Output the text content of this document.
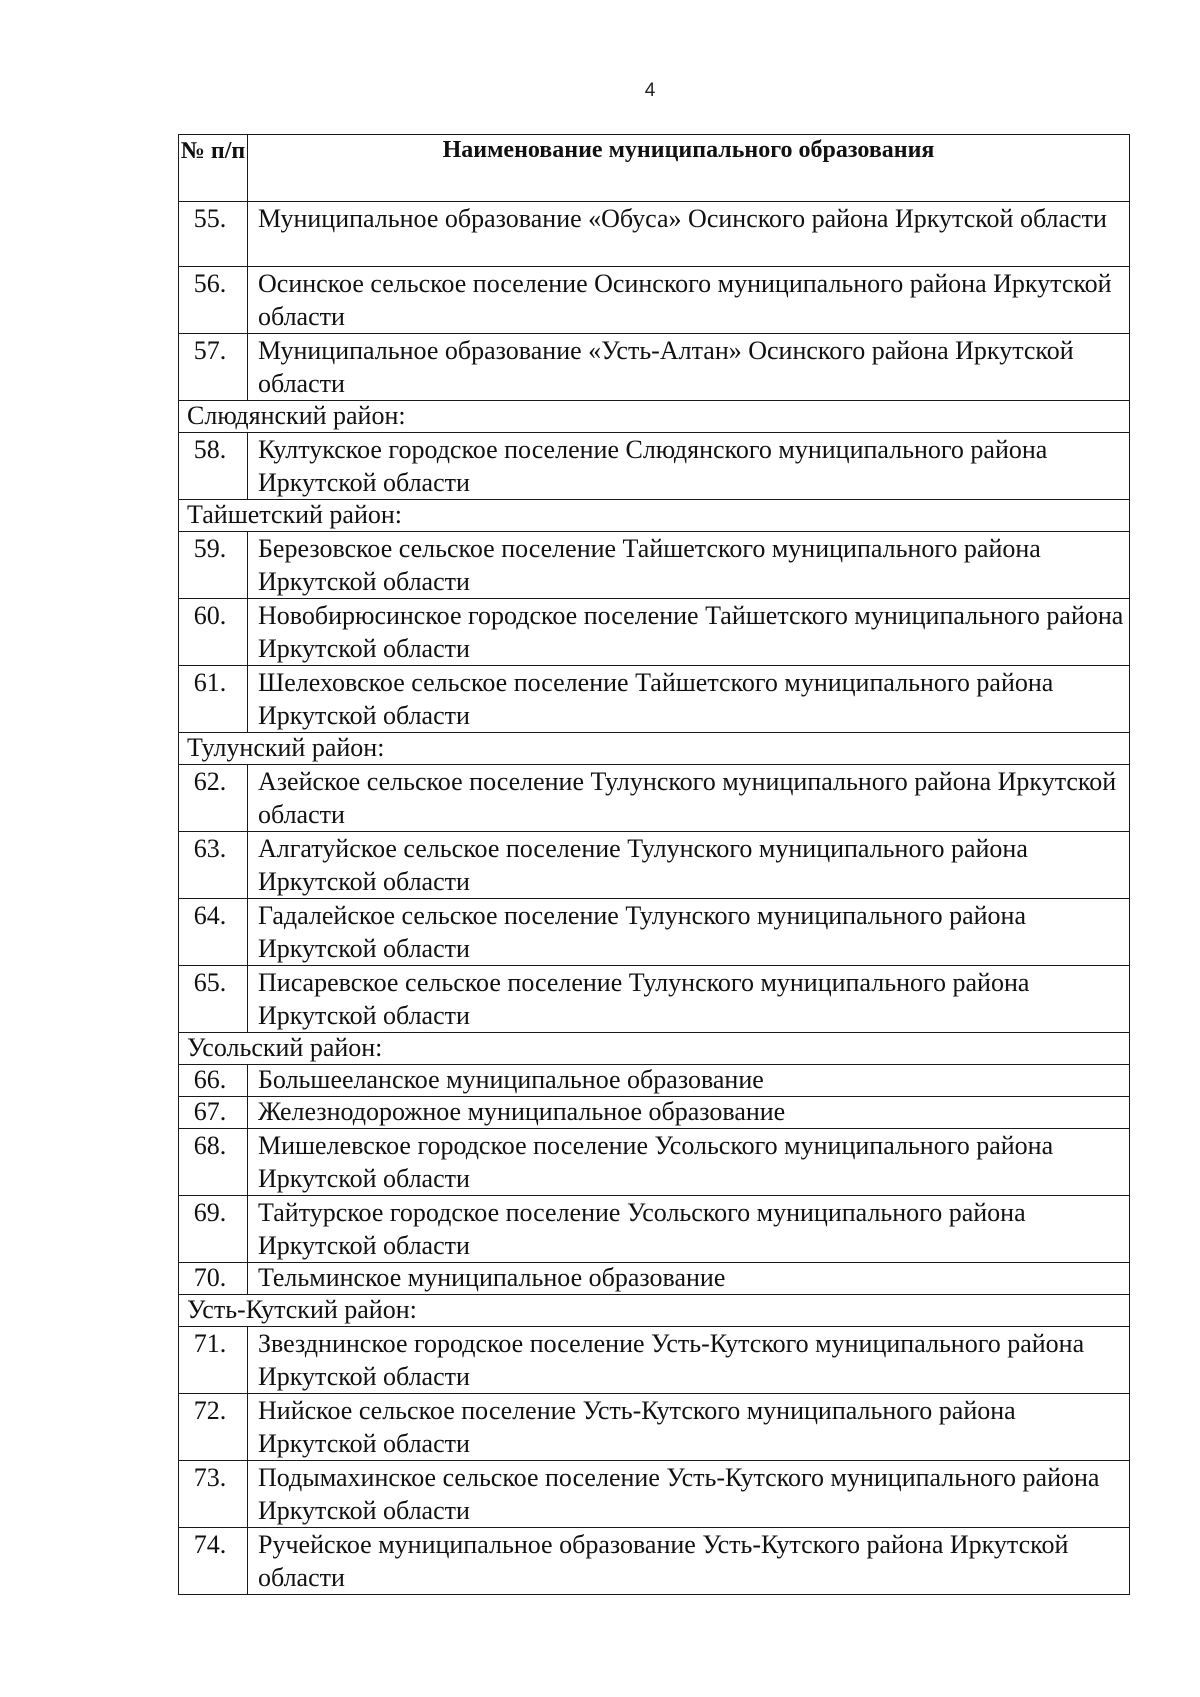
4
№ п/п	Наименование муниципального образования
55.	Муниципальное образование «Обуса» Осинского района Иркутской области
56.	Осинское сельское поселение Осинского муниципального района Иркутской области
57.	Муниципальное образование «Усть-Алтан» Осинского района Иркутской области
Слюдянский район:	
58.	Култукское городское поселение Слюдянского муниципального района Иркутской области
Тайшетский район:	
59.	Березовское сельское поселение Тайшетского муниципального района Иркутской области
60.	Новобирюсинское городское поселение Тайшетского муниципального района Иркутской области
61.	Шелеховское сельское поселение Тайшетского муниципального района Иркутской области
Тулунский район:	
62.	Азейское сельское поселение Тулунского муниципального района Иркутской области
63.	Алгатуйское сельское поселение Тулунского муниципального района Иркутской области
64.	Гадалейское сельское поселение Тулунского муниципального района Иркутской области
65.	Писаревское сельское поселение Тулунского муниципального района Иркутской области
Усольский район:	
66.	Большееланское муниципальное образование
67.	Железнодорожное муниципальное образование
68.	Мишелевское городское поселение Усольского муниципального района Иркутской области
69.	Тайтурское городское поселение Усольского муниципального района Иркутской области
70.	Тельминское муниципальное образование
Усть-Кутский район:	
71.	Звезднинское городское поселение Усть-Кутского муниципального района Иркутской области
72.	Нийское сельское поселение Усть-Кутского муниципального района Иркутской области
73.	Подымахинское сельское поселение Усть-Кутского муниципального района Иркутской области
74.	Ручейское муниципальное образование Усть-Кутского района Иркутской области
